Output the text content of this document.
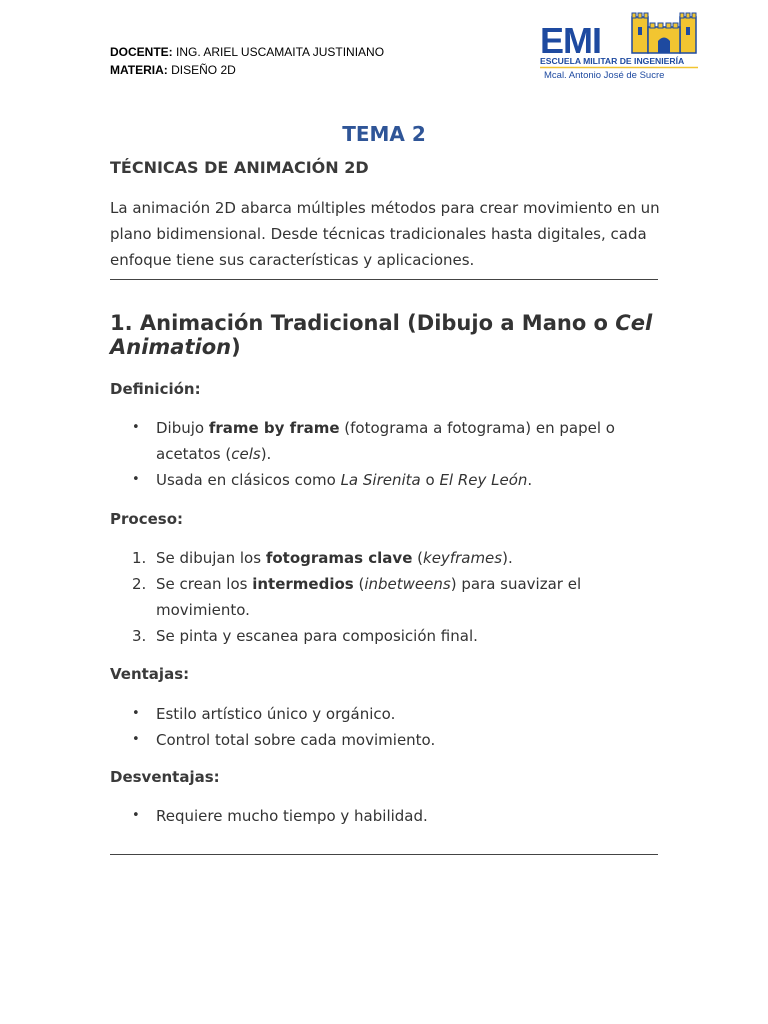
DOCENTE: ING. ARIEL USCAMAITA JUSTINIANO
MATERIA: DISEÑO 2D
EMI
ESCUELA MILITAR DE INGENIERÍA
Mcal. Antonio José de Sucre
TEMA 2
TÉCNICAS DE ANIMACIÓN 2D

La animación 2D abarca múltiples métodos para crear movimiento en un plano bidimensional. Desde técnicas tradicionales hasta digitales, cada enfoque tiene sus características y aplicaciones.

1. Animación Tradicional (Dibujo a Mano o Cel Animation)

Definición:

•	Dibujo frame by frame (fotograma a fotograma) en papel o acetatos (cels).
•	Usada en clásicos como La Sirenita o El Rey León.

Proceso:

1. Se dibujan los fotogramas clave (keyframes).
2. Se crean los intermedios (inbetweens) para suavizar el movimiento.
3. Se pinta y escanea para composición final.

Ventajas:

•	Estilo artístico único y orgánico.
•	Control total sobre cada movimiento.

Desventajas:

•	Requiere mucho tiempo y habilidad.
